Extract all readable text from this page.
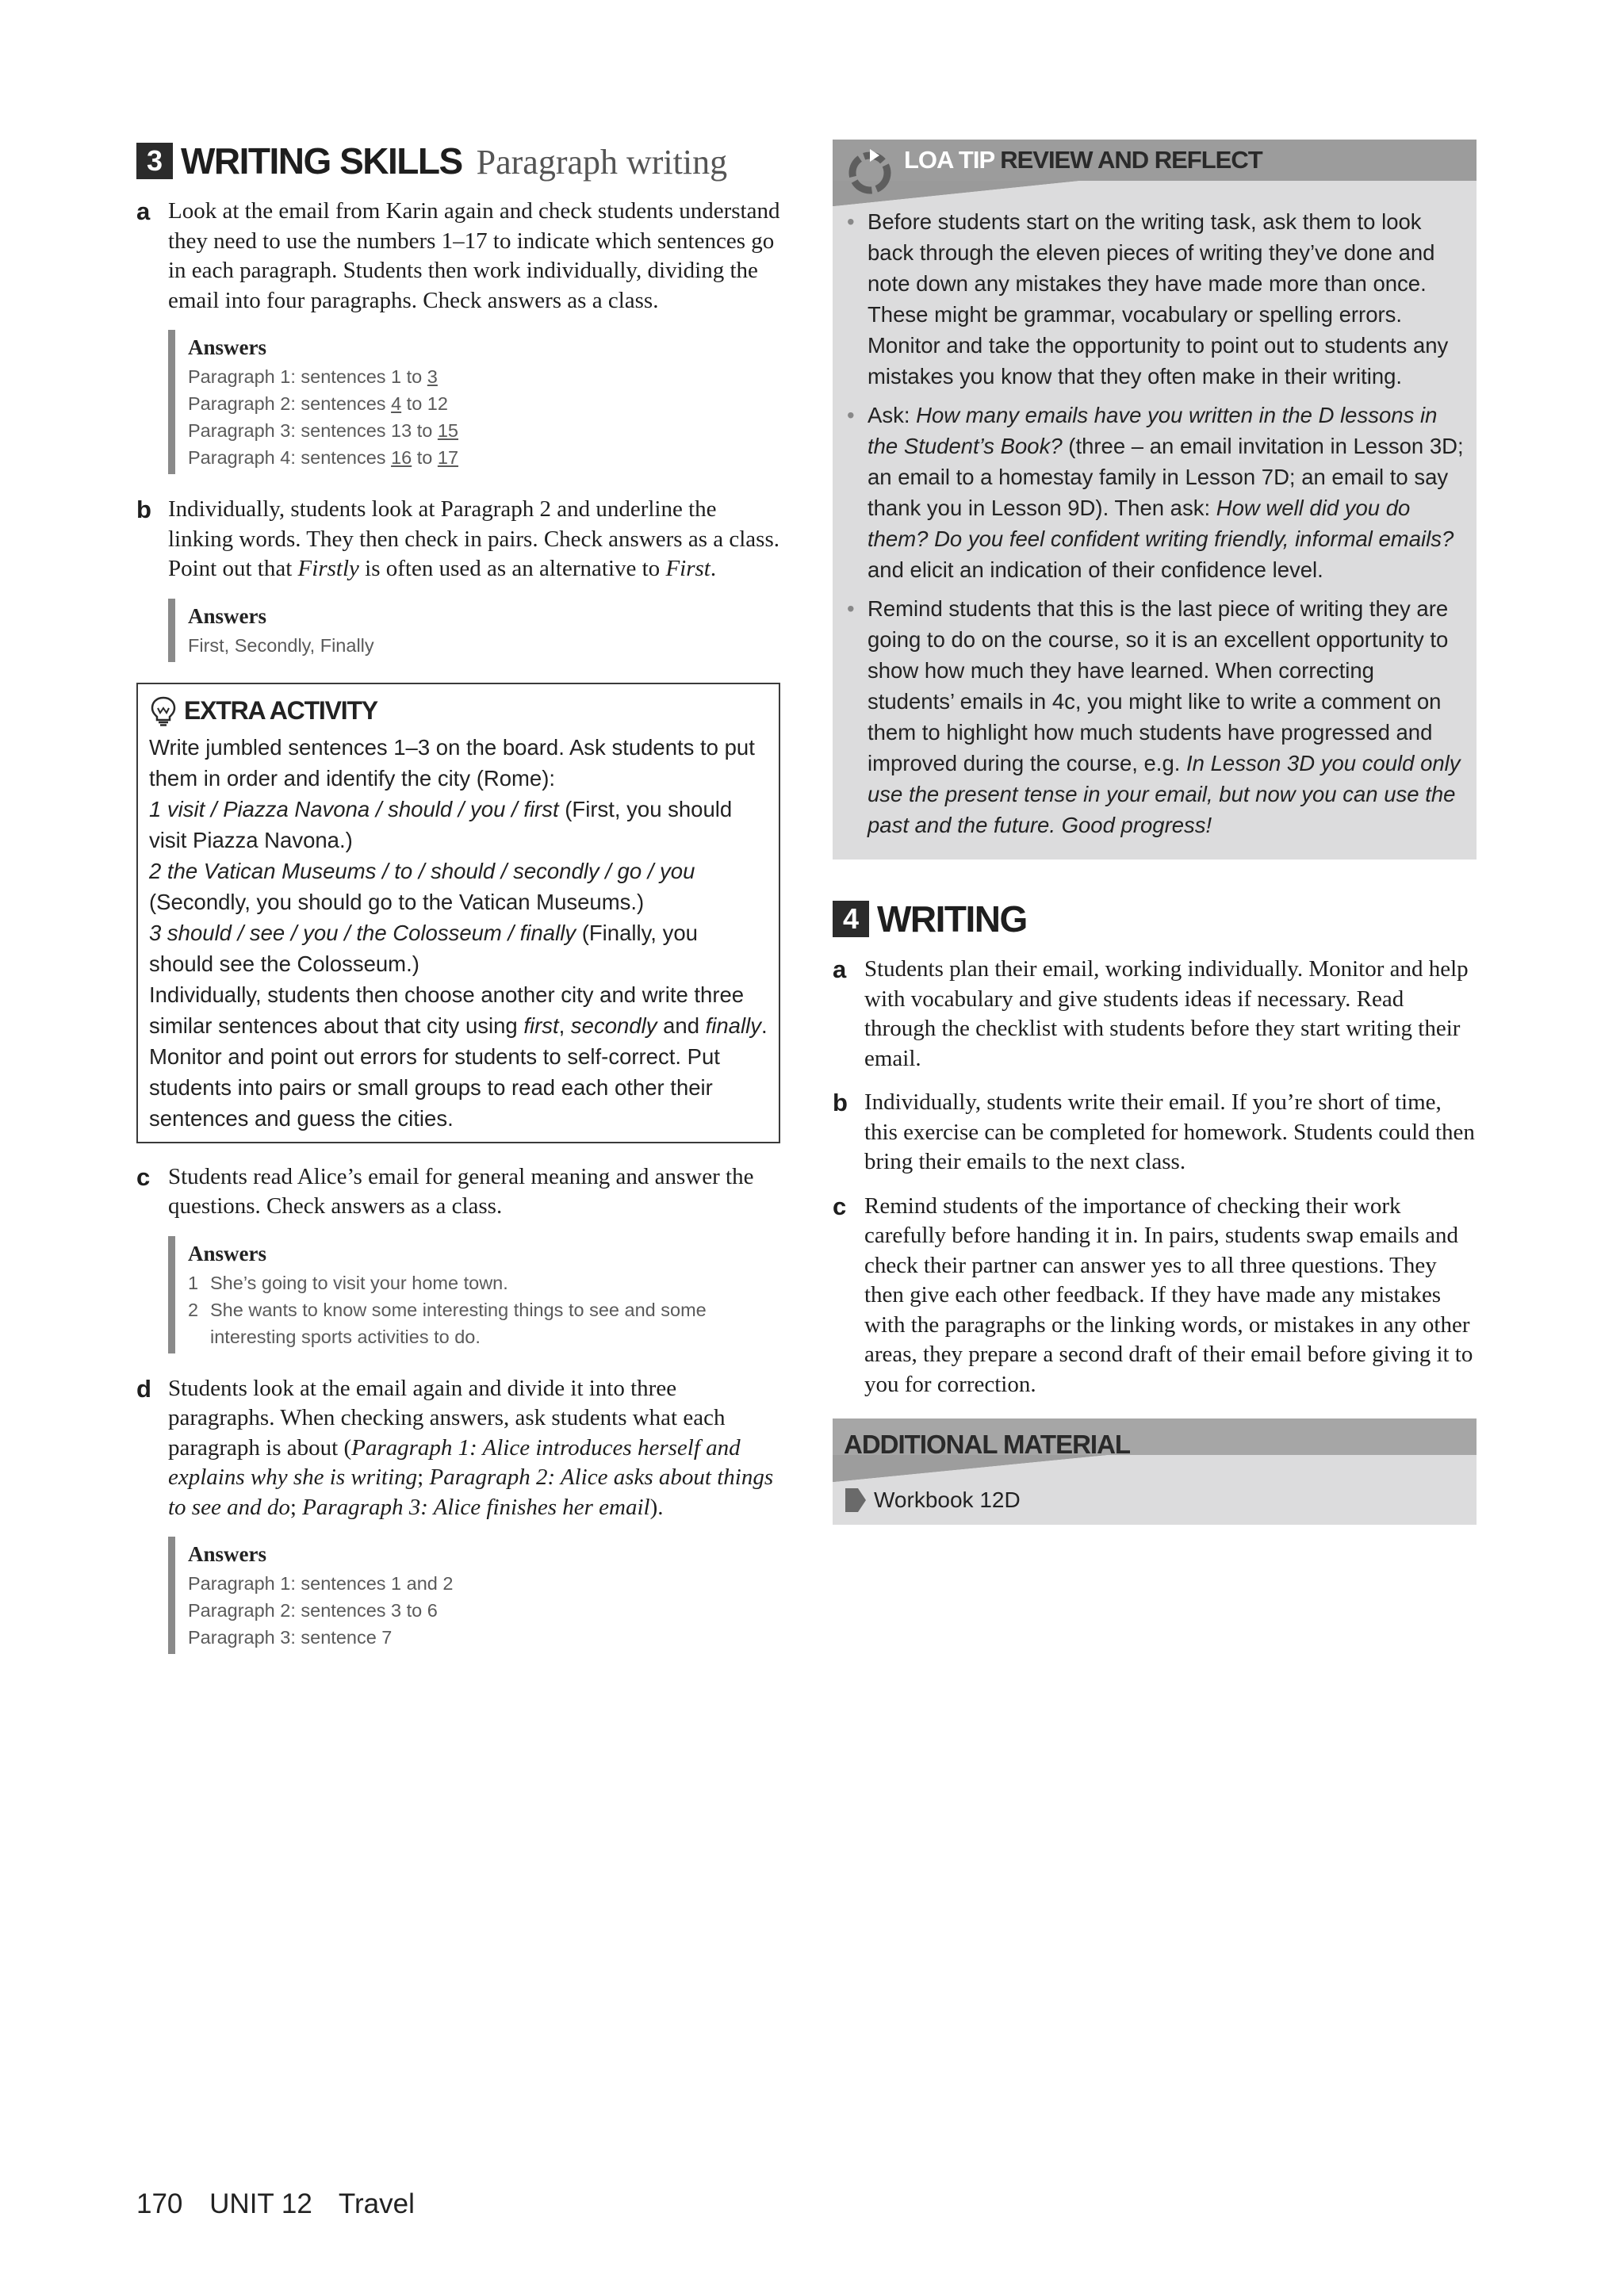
3 WRITING SKILLS Paragraph writing
a Look at the email from Karin again and check students understand they need to use the numbers 1–17 to indicate which sentences go in each paragraph. Students then work individually, dividing the email into four paragraphs. Check answers as a class.

Answers
Paragraph 1: sentences 1 to 3
Paragraph 2: sentences 4 to 12
Paragraph 3: sentences 13 to 15
Paragraph 4: sentences 16 to 17
b Individually, students look at Paragraph 2 and underline the linking words. They then check in pairs. Check answers as a class. Point out that Firstly is often used as an alternative to First.

Answers
First, Secondly, Finally
EXTRA ACTIVITY

Write jumbled sentences 1–3 on the board. Ask students to put them in order and identify the city (Rome):

1 visit / Piazza Navona / should / you / first (First, you should visit Piazza Navona.)

2 the Vatican Museums / to / should / secondly / go / you (Secondly, you should go to the Vatican Museums.)

3 should / see / you / the Colosseum / finally (Finally, you should see the Colosseum.)

Individually, students then choose another city and write three similar sentences about that city using first, secondly and finally. Monitor and point out errors for students to self-correct. Put students into pairs or small groups to read each other their sentences and guess the cities.

c Students read Alice’s email for general meaning and answer the questions. Check answers as a class.

Answers
1 She’s going to visit your home town.
2 She wants to know some interesting things to see and some interesting sports activities to do.
d Students look at the email again and divide it into three paragraphs. When checking answers, ask students what each paragraph is about (Paragraph 1: Alice introduces herself and explains why she is writing; Paragraph 2: Alice asks about things to see and do; Paragraph 3: Alice finishes her email).

Answers
Paragraph 1: sentences 1 and 2
Paragraph 2: sentences 3 to 6
Paragraph 3: sentence 7
LOA TIP REVIEW AND REFLECT
• Before students start on the writing task, ask them to look back through the eleven pieces of writing they’ve done and note down any mistakes they have made more than once. These might be grammar, vocabulary or spelling errors. Monitor and take the opportunity to point out to students any mistakes you know that they often make in their writing.
• Ask: How many emails have you written in the D lessons in the Student’s Book? (three – an email invitation in Lesson 3D; an email to a homestay family in Lesson 7D; an email to say thank you in Lesson 9D). Then ask: How well did you do them? Do you feel confident writing friendly, informal emails? and elicit an indication of their confidence level.
• Remind students that this is the last piece of writing they are going to do on the course, so it is an excellent opportunity to show how much they have learned. When correcting students’ emails in 4c, you might like to write a comment on them to highlight how much students have progressed and improved during the course, e.g. In Lesson 3D you could only use the present tense in your email, but now you can use the past and the future. Good progress!
4 WRITING
a Students plan their email, working individually. Monitor and help with vocabulary and give students ideas if necessary. Read through the checklist with students before they start writing their email.

b Individually, students write their email. If you’re short of time, this exercise can be completed for homework. Students could then bring their emails to the next class.

c Remind students of the importance of checking their work carefully before handing it in. In pairs, students swap emails and check their partner can answer yes to all three questions. They then give each other feedback. If they have made any mistakes with the paragraphs or the linking words, or mistakes in any other areas, they prepare a second draft of their email before giving it to you for correction.

ADDITIONAL MATERIAL
Workbook 12D
170 UNIT 12 Travel
